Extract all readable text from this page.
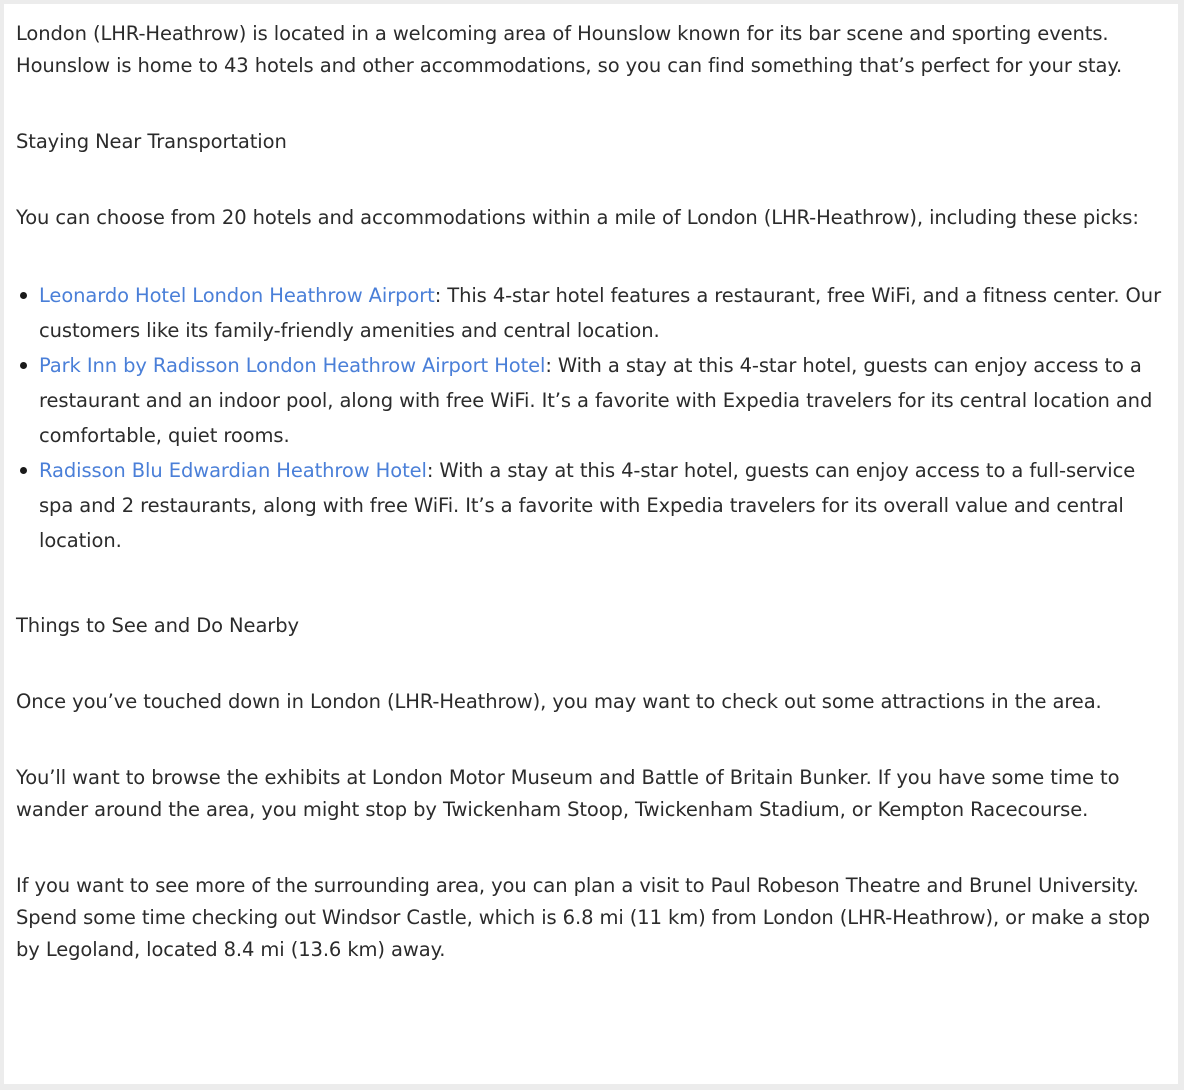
London (LHR-Heathrow) is located in a welcoming area of Hounslow known for its bar scene and sporting events. Hounslow is home to 43 hotels and other accommodations, so you can find something that’s perfect for your stay.

Staying Near Transportation

You can choose from 20 hotels and accommodations within a mile of London (LHR-Heathrow), including these picks:

Leonardo Hotel London Heathrow Airport: This 4-star hotel features a restaurant, free WiFi, and a fitness center. Our customers like its family-friendly amenities and central location.
Park Inn by Radisson London Heathrow Airport Hotel: With a stay at this 4-star hotel, guests can enjoy access to a restaurant and an indoor pool, along with free WiFi. It’s a favorite with Expedia travelers for its central location and comfortable, quiet rooms.
Radisson Blu Edwardian Heathrow Hotel: With a stay at this 4-star hotel, guests can enjoy access to a full-service spa and 2 restaurants, along with free WiFi. It’s a favorite with Expedia travelers for its overall value and central location.

Things to See and Do Nearby

Once you’ve touched down in London (LHR-Heathrow), you may want to check out some attractions in the area.

You’ll want to browse the exhibits at London Motor Museum and Battle of Britain Bunker. If you have some time to wander around the area, you might stop by Twickenham Stoop, Twickenham Stadium, or Kempton Racecourse.

If you want to see more of the surrounding area, you can plan a visit to Paul Robeson Theatre and Brunel University. Spend some time checking out Windsor Castle, which is 6.8 mi (11 km) from London (LHR-Heathrow), or make a stop by Legoland, located 8.4 mi (13.6 km) away.
